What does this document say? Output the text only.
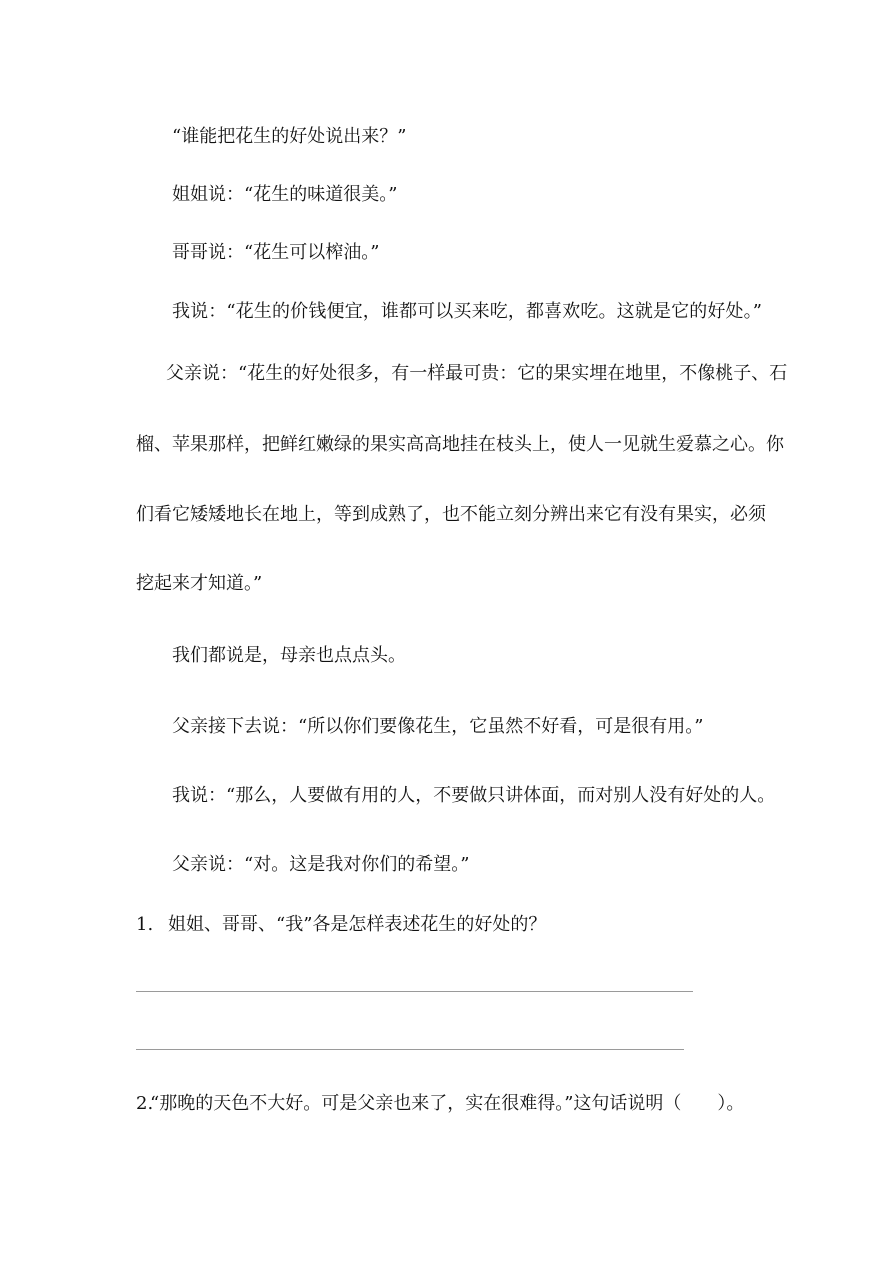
“谁能把花生的好处说出来？”
姐姐说：“花生的味道很美。”
哥哥说：“花生可以榨油。”
我说：“花生的价钱便宜，谁都可以买来吃，都喜欢吃。这就是它的好处。”
父亲说：“花生的好处很多，有一样最可贵：它的果实埋在地里，不像桃子、石
榴、苹果那样，把鲜红嫩绿的果实高高地挂在枝头上，使人一见就生爱慕之心。你
们看它矮矮地长在地上，等到成熟了，也不能立刻分辨出来它有没有果实，必须
挖起来才知道。”
我们都说是，母亲也点点头。
父亲接下去说：“所以你们要像花生，它虽然不好看，可是很有用。”
我说：“那么，人要做有用的人，不要做只讲体面，而对别人没有好处的人。
父亲说：“对。这是我对你们的希望。”
1. 姐姐、哥哥、“我”各是怎样表述花生的好处的？
2.
“那晚的天色不大好。可是父亲也来了，实在很难得。”这句话说明（　　）。
